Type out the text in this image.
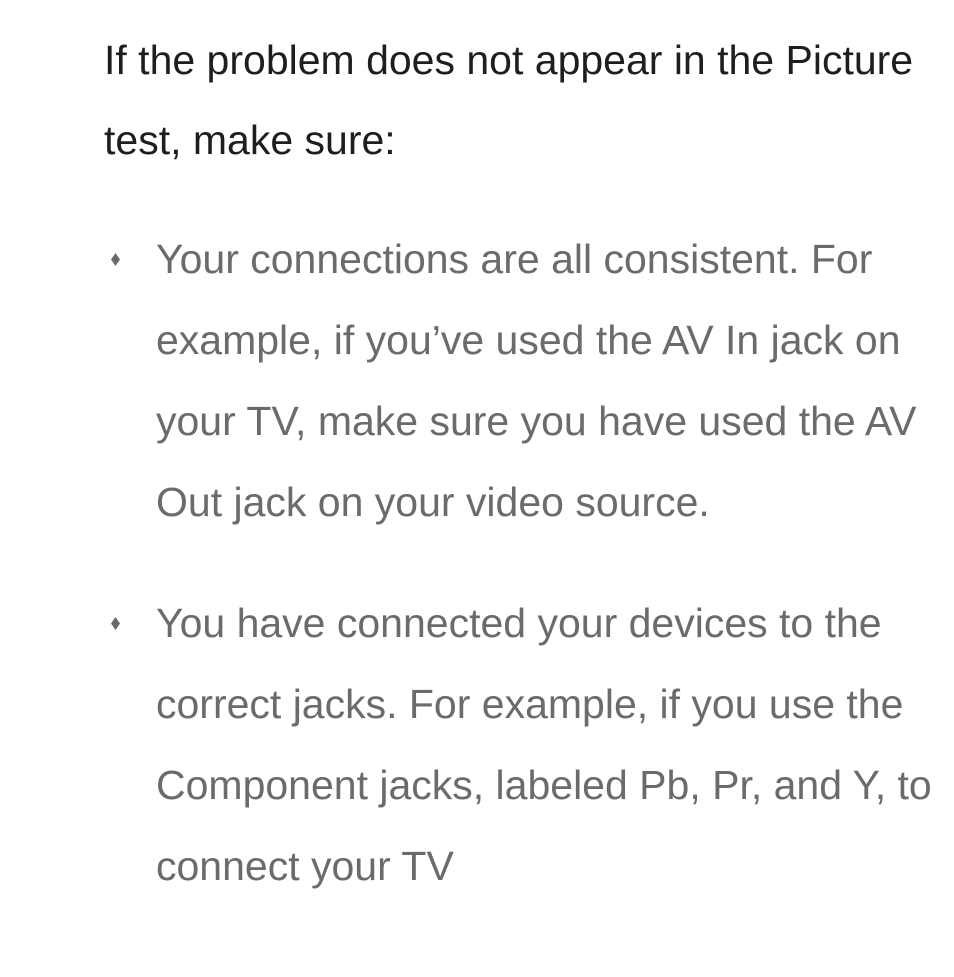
If the problem does not appear in the Picture test, make sure:

Your connections are all consistent. For example, if you’ve used the AV In jack on your TV, make sure you have used the AV Out jack on your video source.
You have connected your devices to the correct jacks. For example, if you use the Component jacks, labeled Pb, Pr, and Y, to connect your TV
